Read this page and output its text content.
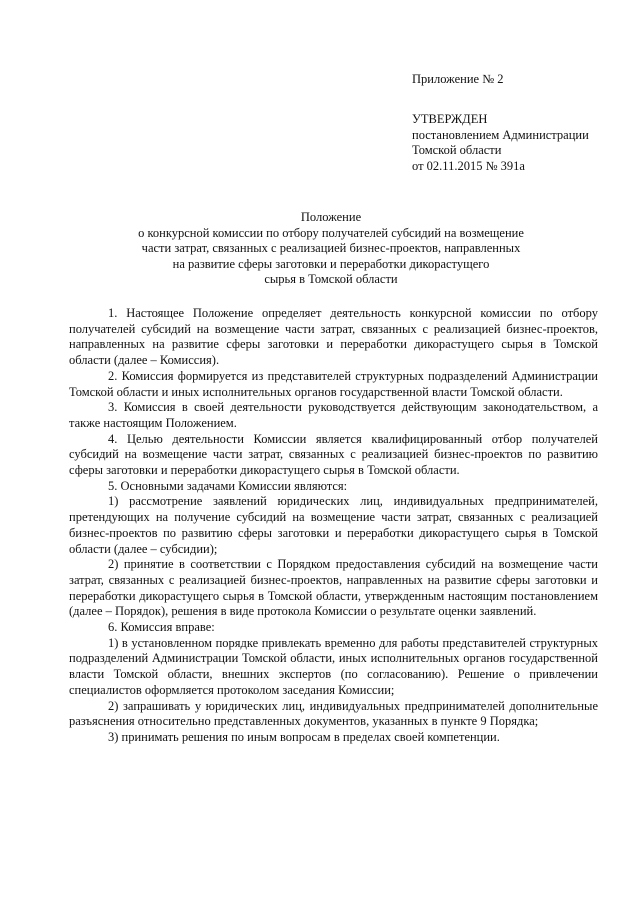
Приложение № 2
УТВЕРЖДЕН
постановлением Администрации
Томской области
от 02.11.2015 № 391а
Положение
о конкурсной комиссии по отбору получателей субсидий на возмещение
части затрат, связанных с реализацией бизнес-проектов, направленных
на развитие сферы заготовки и переработки дикорастущего
сырья в Томской области

1. Настоящее Положение определяет деятельность конкурсной комиссии по отбору получателей субсидий на возмещение части затрат, связанных с реализацией бизнес-проектов, направленных на развитие сферы заготовки и переработки дикорастущего сырья в Томской области (далее – Комиссия).

2. Комиссия формируется из представителей структурных подразделений Администрации Томской области и иных исполнительных органов государственной власти Томской области.

3. Комиссия в своей деятельности руководствуется действующим законодательством, а также настоящим Положением.

4. Целью деятельности Комиссии является квалифицированный отбор получателей субсидий на возмещение части затрат, связанных с реализацией бизнес-проектов по развитию сферы заготовки и переработки дикорастущего сырья в Томской области.

5. Основными задачами Комиссии являются:

1) рассмотрение заявлений юридических лиц, индивидуальных предпринимателей, претендующих на получение субсидий на возмещение части затрат, связанных с реализацией бизнес-проектов по развитию сферы заготовки и переработки дикорастущего сырья в Томской области (далее – субсидии);

2) принятие в соответствии с Порядком предоставления субсидий на возмещение части затрат, связанных с реализацией бизнес-проектов, направленных на развитие сферы заготовки и переработки дикорастущего сырья в Томской области, утвержденным настоящим постановлением (далее – Порядок), решения в виде протокола Комиссии о результате оценки заявлений.

6. Комиссия вправе:

1) в установленном порядке привлекать временно для работы представителей структурных подразделений Администрации Томской области, иных исполнительных органов государственной власти Томской области, внешних экспертов (по согласованию). Решение о привлечении специалистов оформляется протоколом заседания Комиссии;

2) запрашивать у юридических лиц, индивидуальных предпринимателей дополнительные разъяснения относительно представленных документов, указанных в пункте 9 Порядка;

3) принимать решения по иным вопросам в пределах своей компетенции.
